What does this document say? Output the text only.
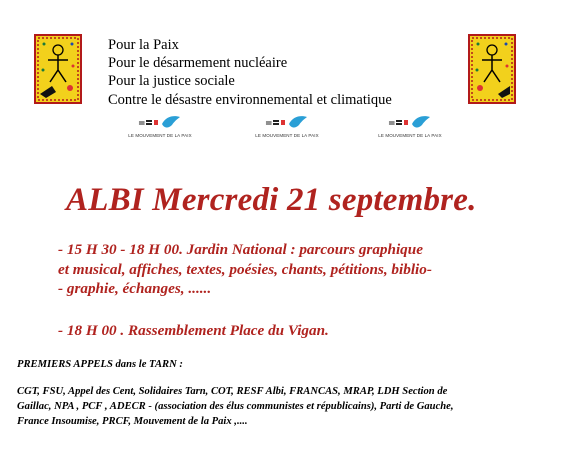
Pour la Paix
Pour le désarmement nucléaire
Pour la justice sociale
Contre le désastre environnemental et climatique
=
LE MOUVEMENT DE LA PAIX
=
LE MOUVEMENT DE LA PAIX
=
LE MOUVEMENT DE LA PAIX
ALBI Mercredi 21 septembre.
- 15 H 30 - 18 H 00. Jardin National : parcours graphique
et musical, affiches, textes, poésies, chants, pétitions, biblio-
- graphie, échanges, ......
- 18 H 00 . Rassemblement Place du Vigan.
PREMIERS APPELS dans le TARN :
CGT, FSU, Appel des Cent, Solidaires Tarn, COT, RESF Albi, FRANCAS, MRAP, LDH Section de
Gaillac, NPA , PCF , ADECR - (association des élus communistes et républicains), Parti de Gauche,
France Insoumise, PRCF, Mouvement de la Paix ,....
